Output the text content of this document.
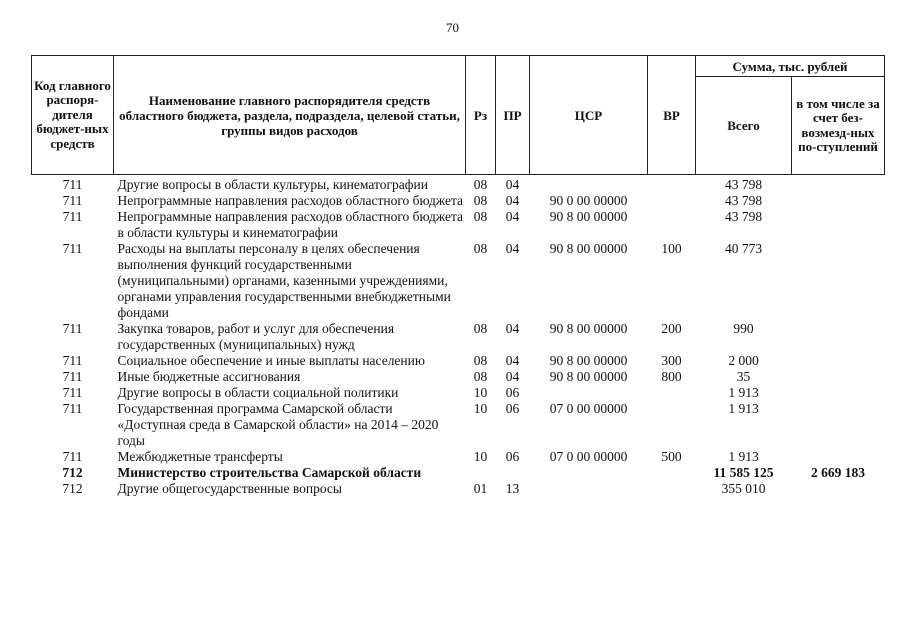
70
Код главного распоря-дителя бюджет-ных средств	Наименование главного распорядителя средств областного бюджета, раздела, подраздела, целевой статьи, группы видов расходов	Рз	ПР	ЦСР	ВР	Сумма, тыс. рублей	
						Всего	в том числе за счет без-возмезд-ных по-ступлений
711	Другие вопросы в области культуры, кинематографии	08	04			43 798	
711	Непрограммные направления расходов областного бюджета	08	04	90 0 00 00000		43 798	
711	Непрограммные направления расходов областного бюджета в области культуры и кинематографии	08	04	90 8 00 00000		43 798	
711	Расходы на выплаты персоналу в целях обеспечения выполнения функций государственными (муниципальными) органами, казенными учреждениями, органами управления государственными внебюджетными фондами	08	04	90 8 00 00000	100	40 773	
711	Закупка товаров, работ и услуг для обеспечения государственных (муниципальных) нужд	08	04	90 8 00 00000	200	990	
711	Социальное обеспечение и иные выплаты населению	08	04	90 8 00 00000	300	2 000	
711	Иные бюджетные ассигнования	08	04	90 8 00 00000	800	35	
711	Другие вопросы в области социальной политики	10	06			1 913	
711	Государственная программа Самарской области «Доступная среда в Самарской области» на 2014 – 2020 годы	10	06	07 0 00 00000		1 913	
711	Межбюджетные трансферты	10	06	07 0 00 00000	500	1 913	
712	Министерство строительства Самарской области					11 585 125	2 669 183
712	Другие общегосударственные вопросы	01	13			355 010	
